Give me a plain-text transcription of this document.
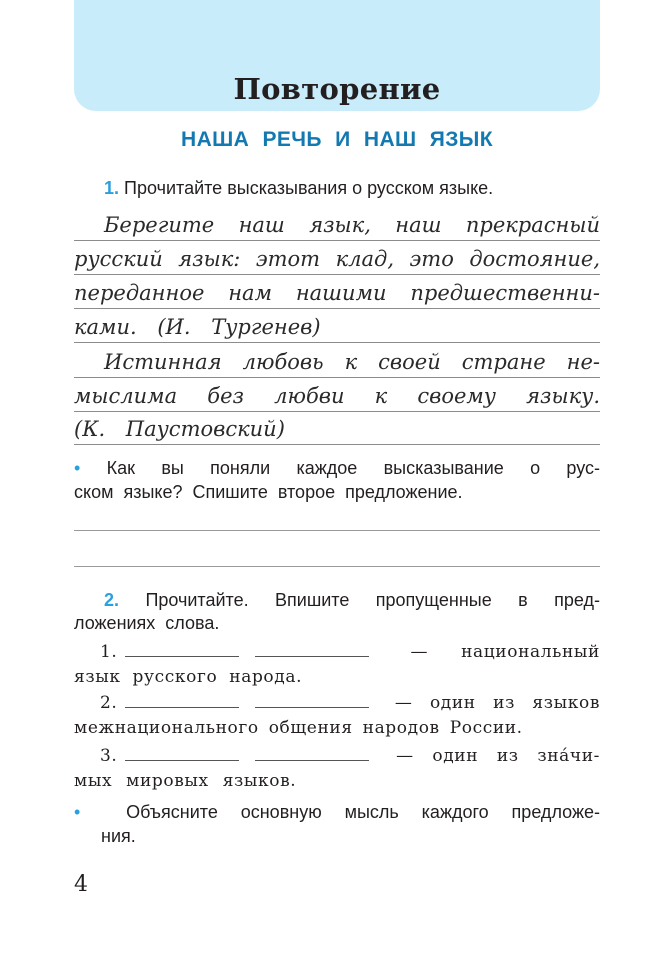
Повторение
НАША РЕЧЬ И НАШ ЯЗЫК
1. Прочитайте высказывания о русском языке.
Берегите наш язык, наш прекрасный
русский язык: этот клад, это достояние,
переданное нам нашими предшественни-
ками. (И. Тургенев)
Истинная любовь к своей стране не-
мыслима без любви к своему языку.
(К. Паустовский)
• Как вы поняли каждое высказывание о рус-
ском языке? Спишите второе предложение.
2. Прочитайте. Впишите пропущенные в пред-
ложениях слова.
1.	— национальный
язык русского народа.
2.	— один из языков
межнационального общения народов России.
3.	— один из зна́чи-
мых мировых языков.
•	Объясните основную мысль каждого предложе-
ния.
4
